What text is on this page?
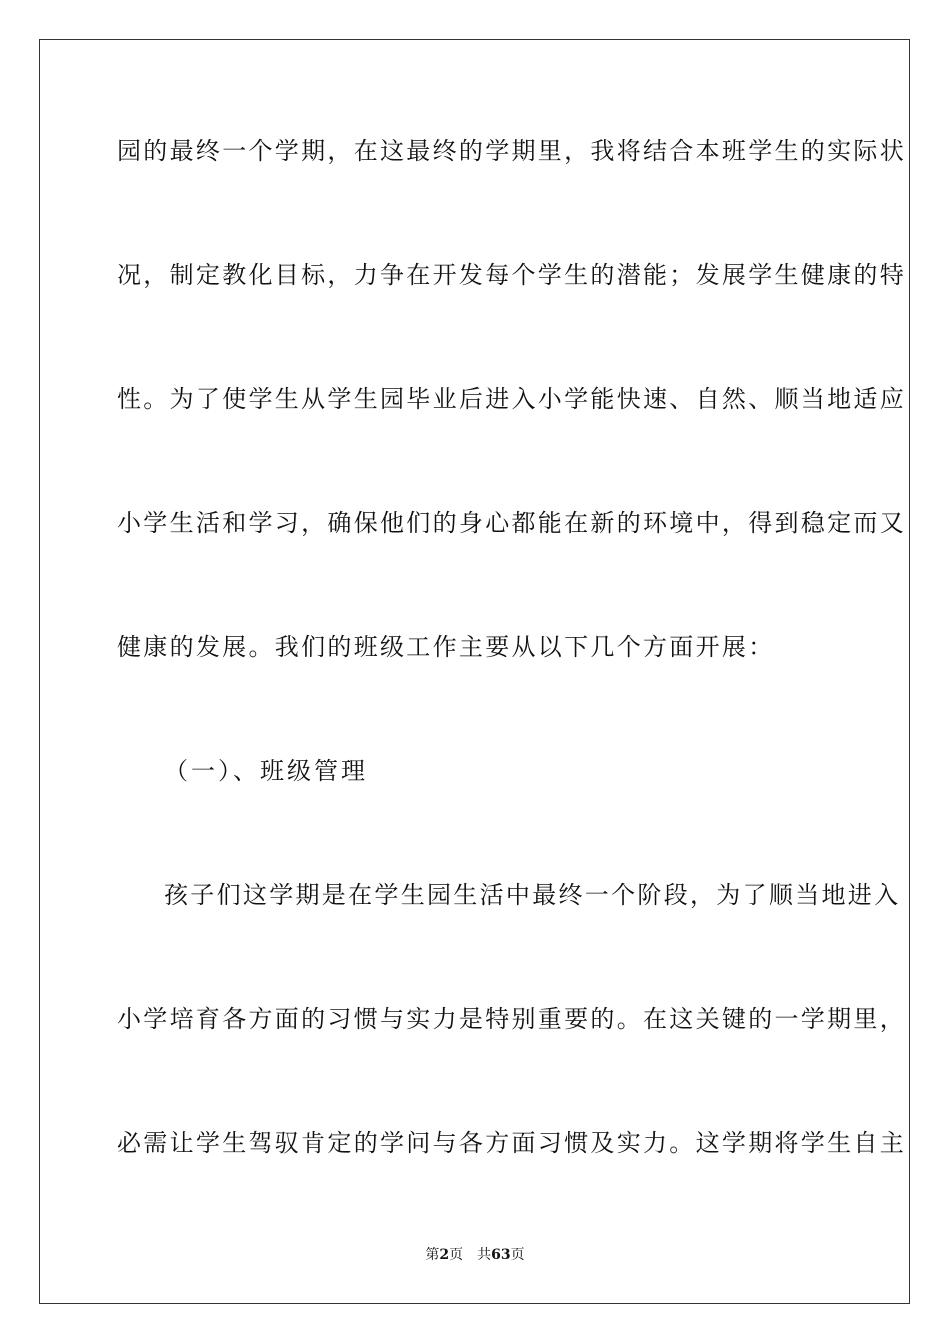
园的最终一个学期，在这最终的学期里，我将结合本班学生的实际状
况，制定教化目标，力争在开发每个学生的潜能；发展学生健康的特
性。为了使学生从学生园毕业后进入小学能快速、自然、顺当地适应
小学生活和学习，确保他们的身心都能在新的环境中，得到稳定而又
健康的发展。我们的班级工作主要从以下几个方面开展：
（一）、班级管理
孩子们这学期是在学生园生活中最终一个阶段，为了顺当地进入
小学培育各方面的习惯与实力是特别重要的。在这关键的一学期里，
必需让学生驾驭肯定的学问与各方面习惯及实力。这学期将学生自主
第2页 共63页
